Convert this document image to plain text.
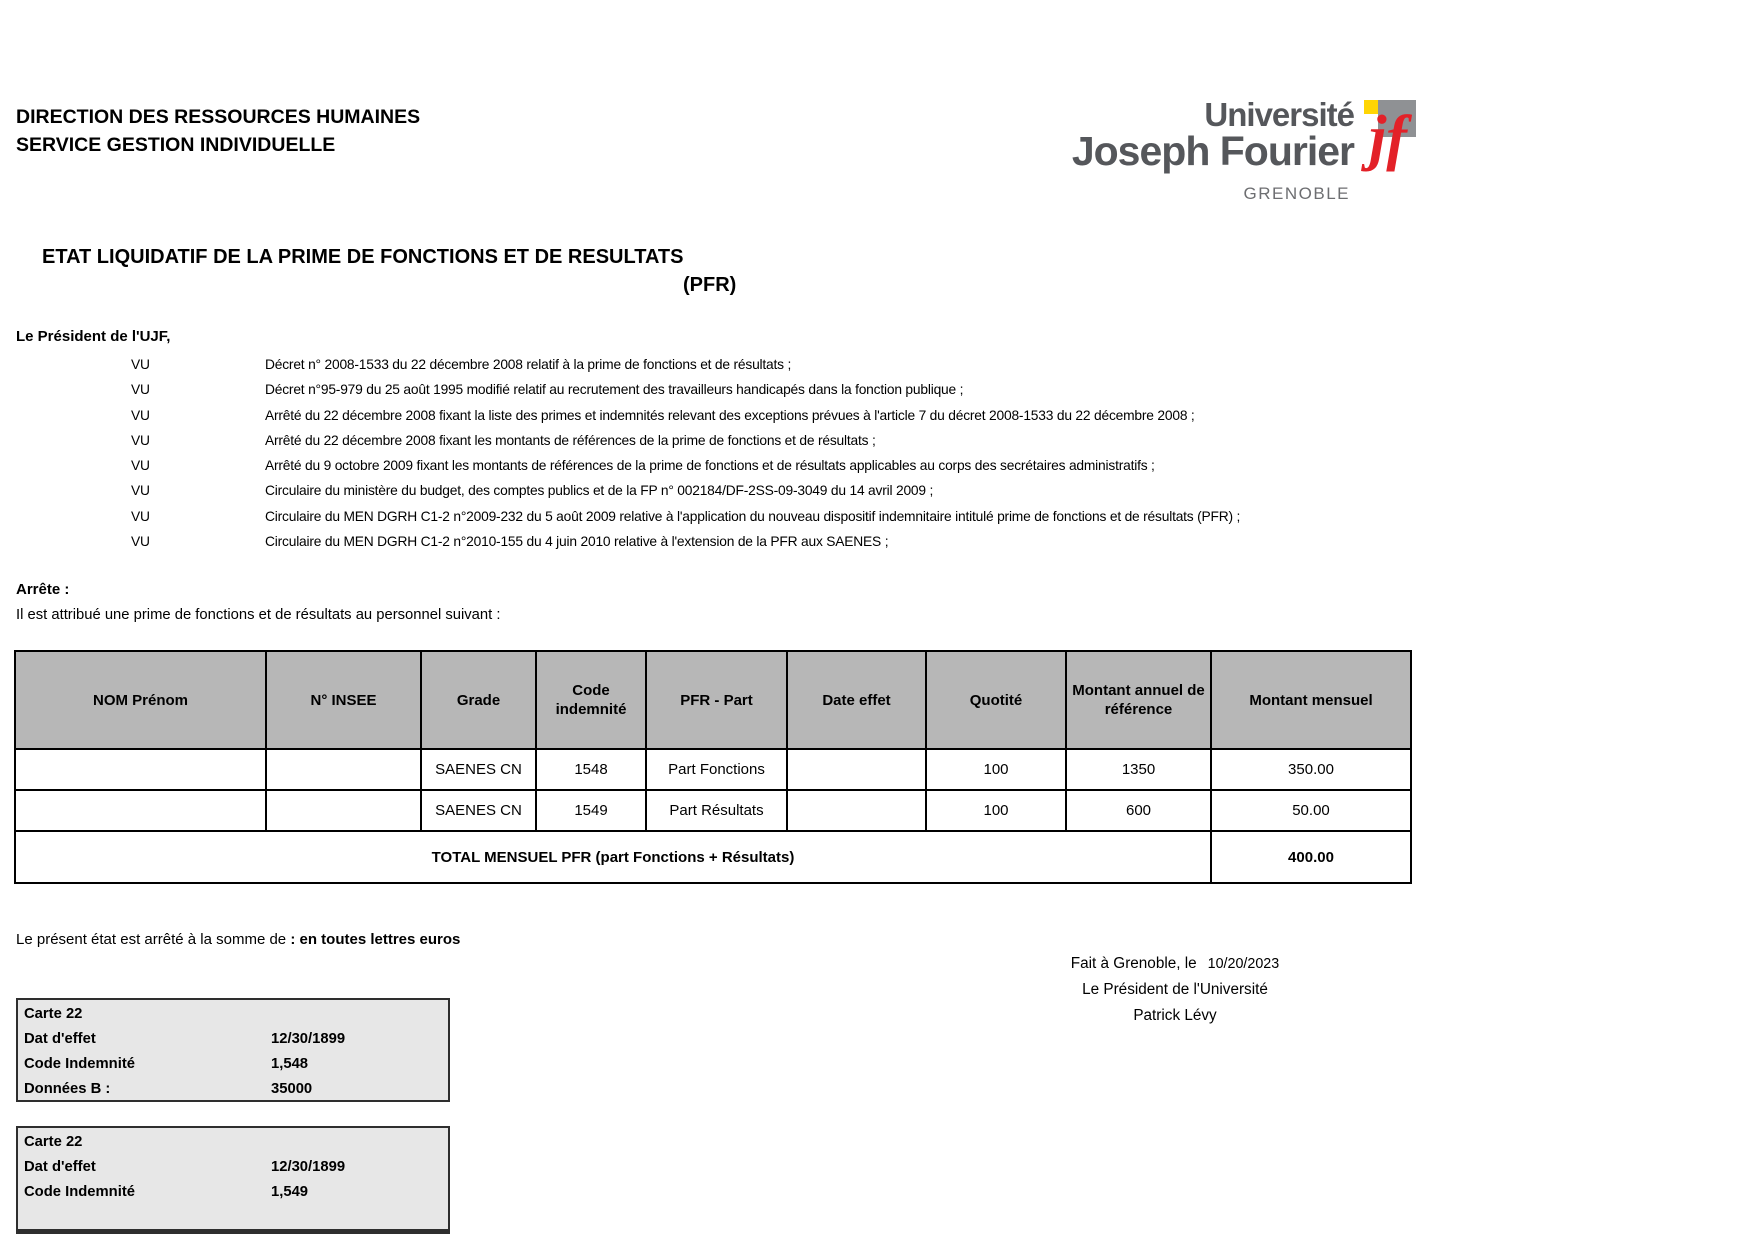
DIRECTION DES RESSOURCES HUMAINES
SERVICE GESTION INDIVIDUELLE
Université
Joseph Fourier jf
GRENOBLE
ETAT LIQUIDATIF DE LA PRIME DE FONCTIONS ET DE RESULTATS
(PFR)
Le Président de l'UJF,
VU	Décret n° 2008-1533 du 22 décembre 2008 relatif à la prime de fonctions et de résultats ;
VU	Décret n°95-979 du 25 août 1995 modifié relatif au recrutement des travailleurs handicapés dans la fonction publique ;
VU	Arrêté du 22 décembre 2008 fixant la liste des primes et indemnités relevant des exceptions prévues à l'article 7 du décret 2008-1533 du 22 décembre 2008 ;
VU	Arrêté du 22 décembre 2008 fixant les montants de références de la prime de fonctions et de résultats ;
VU	Arrêté du 9 octobre 2009 fixant les montants de références de la prime de fonctions et de résultats applicables au corps des secrétaires administratifs ;
VU	Circulaire du ministère du budget, des comptes publics et de la FP n° 002184/DF-2SS-09-3049 du 14 avril 2009 ;
VU	Circulaire du MEN DGRH C1-2 n°2009-232 du 5 août 2009 relative à l'application du nouveau dispositif indemnitaire intitulé prime de fonctions et de résultats (PFR) ;
VU	Circulaire du MEN DGRH C1-2 n°2010-155 du 4 juin 2010 relative à l'extension de la PFR aux SAENES ;
Arrête :
Il est attribué une prime de fonctions et de résultats au personnel suivant :
NOM Prénom	N° INSEE	Grade	Code indemnité	PFR - Part	Date effet	Quotité	Montant annuel de référence	Montant mensuel
		SAENES CN	1548	Part Fonctions		100	1350	350.00
		SAENES CN	1549	Part Résultats		100	600	50.00
TOTAL MENSUEL PFR (part Fonctions + Résultats)								400.00
Le présent état est arrêté à la somme de : en toutes lettres euros
Fait à Grenoble, le 10/20/2023
Le Président de l'Université
Patrick Lévy
Carte 22
Dat d'effet	12/30/1899
Code Indemnité	1,548
Données B :	35000
Carte 22
Dat d'effet	12/30/1899
Code Indemnité	1,549
